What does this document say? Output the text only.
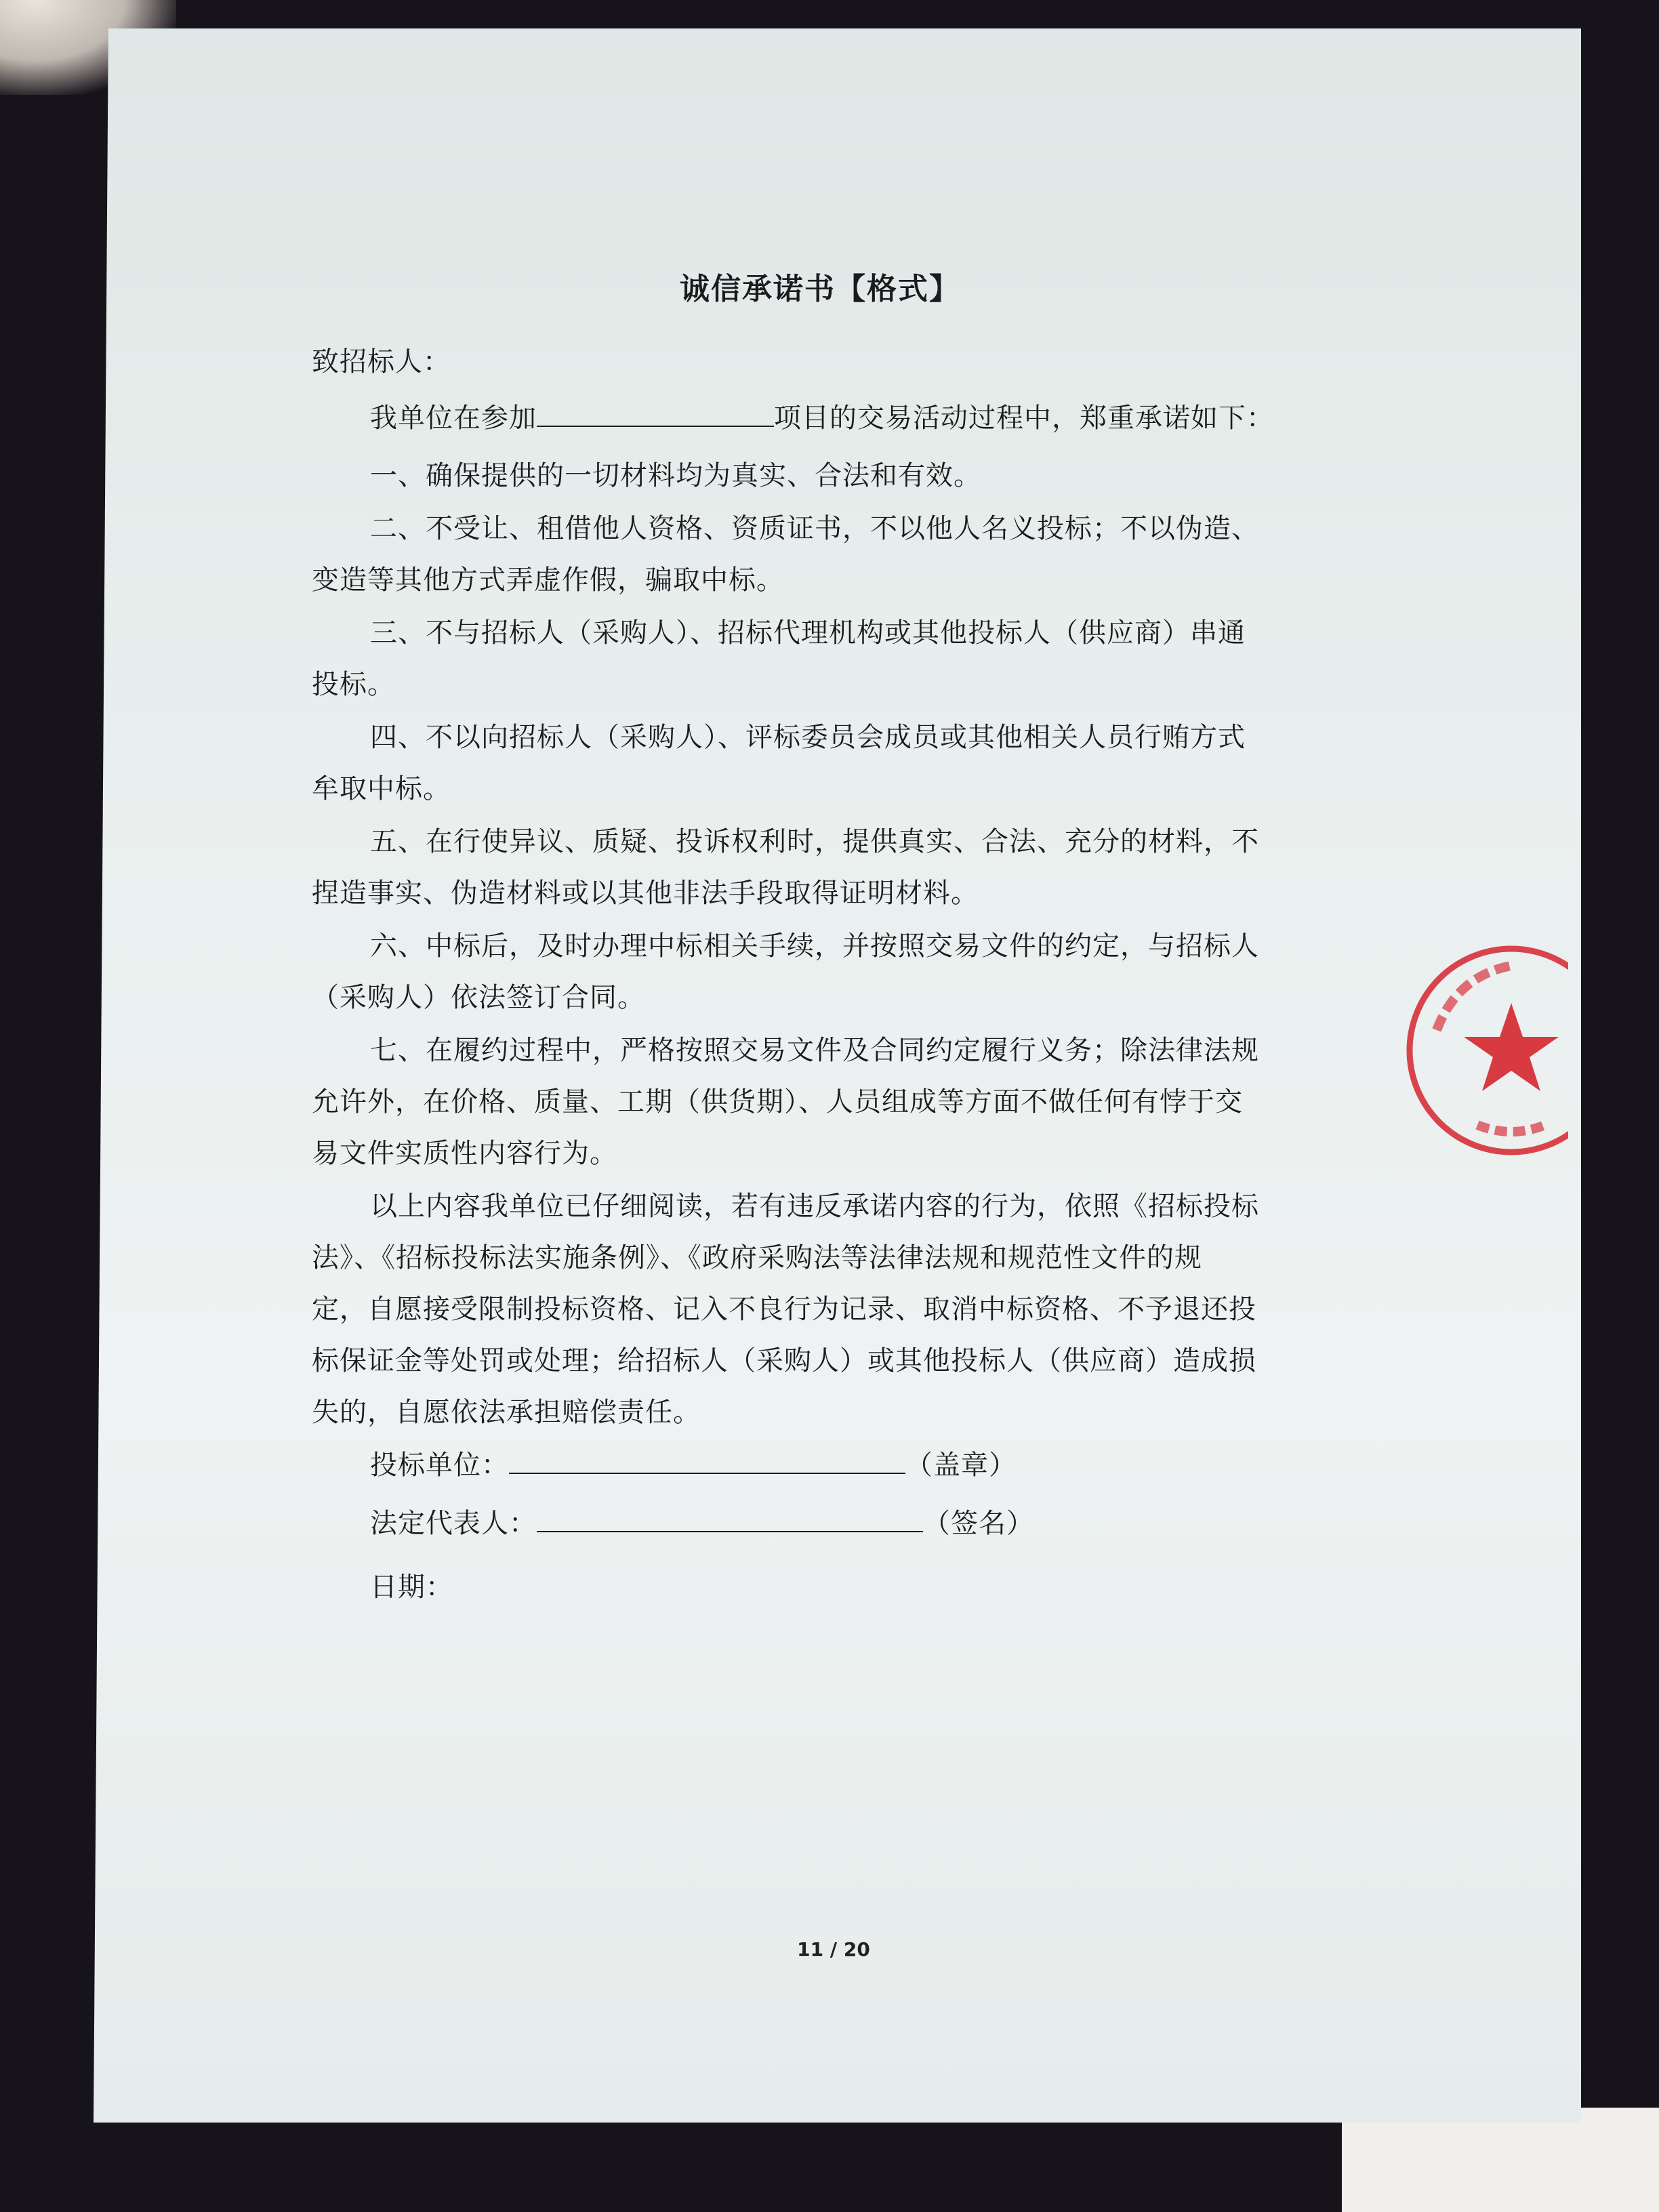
诚信承诺书【格式】
致招标人：
我单位在参加	项目的交易活动过程中，郑重承诺如下：
一、确保提供的一切材料均为真实、合法和有效。
二、不受让、租借他人资格、资质证书，不以他人名义投标；不以伪造、
变造等其他方式弄虚作假，骗取中标。
三、不与招标人（采购人）、招标代理机构或其他投标人（供应商）串通
投标。
四、不以向招标人（采购人）、评标委员会成员或其他相关人员行贿方式
牟取中标。
五、在行使异议、质疑、投诉权利时，提供真实、合法、充分的材料，不
捏造事实、伪造材料或以其他非法手段取得证明材料。
六、中标后，及时办理中标相关手续，并按照交易文件的约定，与招标人
（采购人）依法签订合同。
七、在履约过程中，严格按照交易文件及合同约定履行义务；除法律法规
允许外，在价格、质量、工期（供货期）、人员组成等方面不做任何有悖于交
易文件实质性内容行为。
以上内容我单位已仔细阅读，若有违反承诺内容的行为，依照《招标投标
法》、《招标投标法实施条例》、《政府采购法等法律法规和规范性文件的规
定，自愿接受限制投标资格、记入不良行为记录、取消中标资格、不予退还投
标保证金等处罚或处理；给招标人（采购人）或其他投标人（供应商）造成损
失的，自愿依法承担赔偿责任。
投标单位：	（盖章）
法定代表人：	（签名）
日期：
11 / 20
